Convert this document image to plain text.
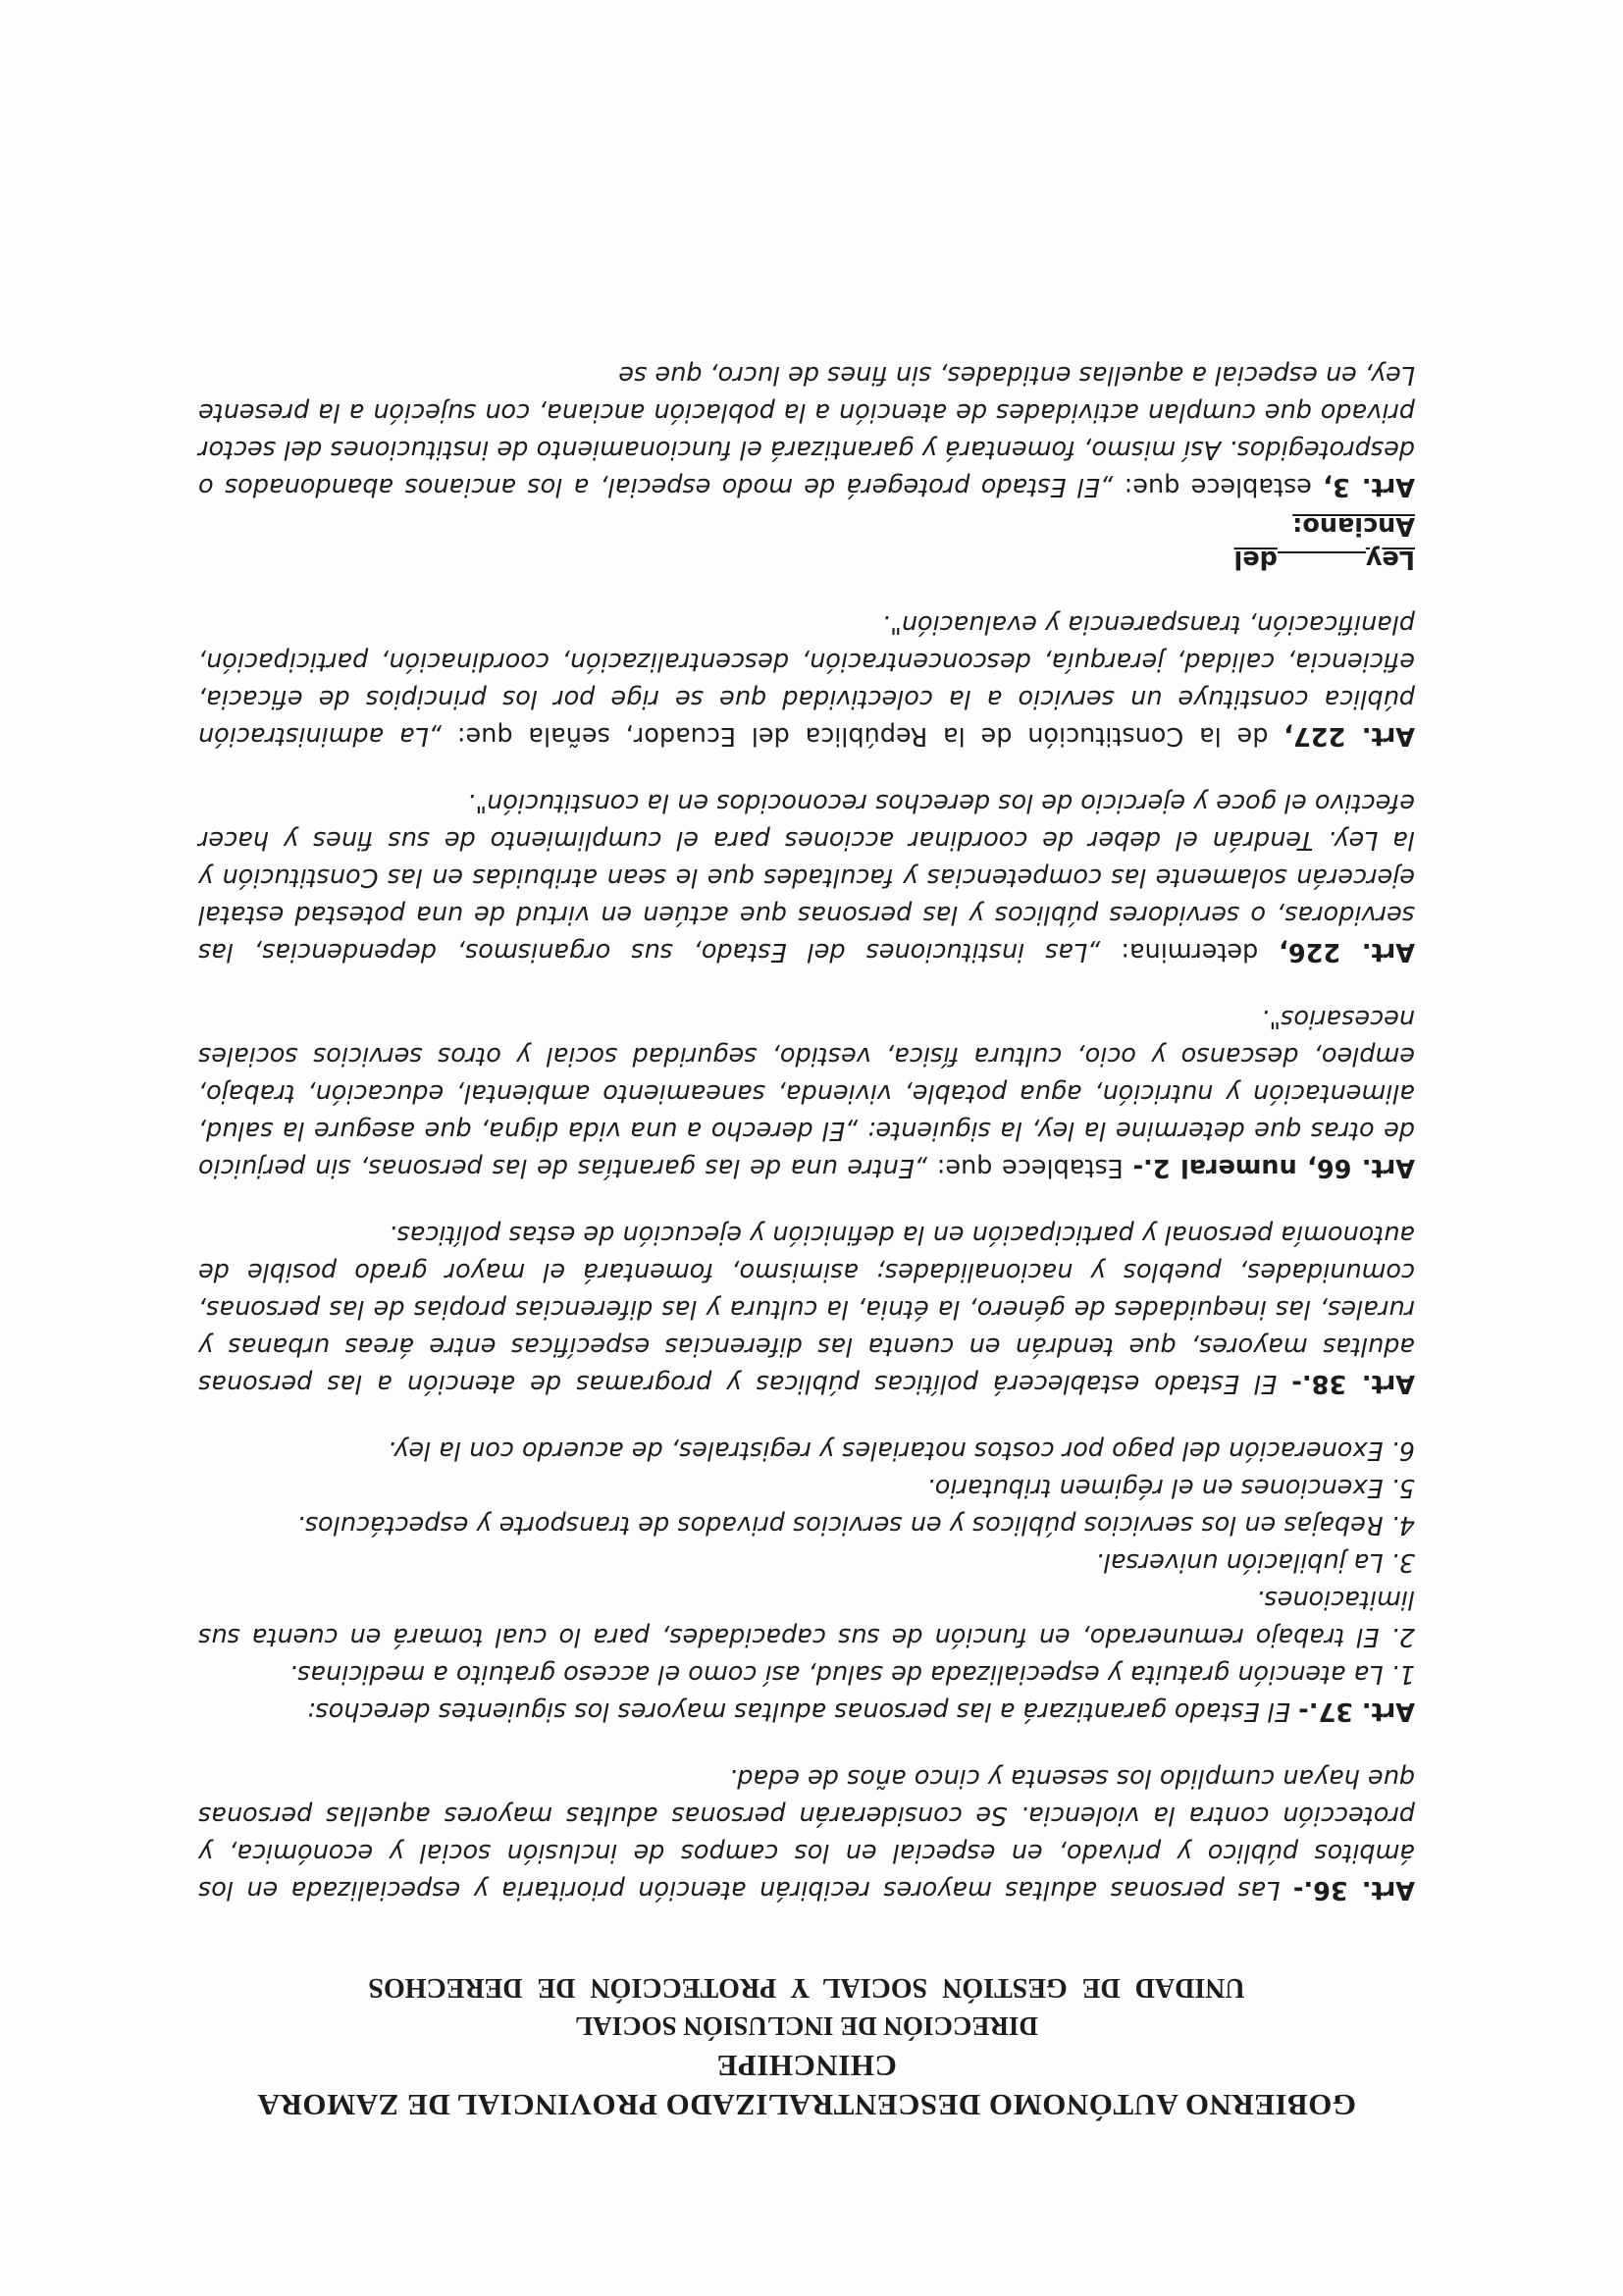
GOBIERNO AUTÓNOMO DESCENTRALIZADO PROVINCIAL DE ZAMORA CHINCHIPE
DIRECCIÓN DE INCLUSIÓN SOCIAL
UNIDAD DE GESTIÓN SOCIAL Y PROTECCIÓN DE DERECHOS

Art. 36.- Las personas adultas mayores recibirán atención prioritaria y especializada en los ámbitos público y privado, en especial en los campos de inclusión social y económica, y protección contra la violencia. Se considerarán personas adultas mayores aquellas personas que hayan cumplido los sesenta y cinco años de edad.

Art. 37.- El Estado garantizará a las personas adultas mayores los siguientes derechos:
1. La atención gratuita y especializada de salud, así como el acceso gratuito a medicinas.
2. El trabajo remunerado, en función de sus capacidades, para lo cual tomará en cuenta sus limitaciones.
3. La jubilación universal.
4. Rebajas en los servicios públicos y en servicios privados de transporte y espectáculos.
5. Exenciones en el régimen tributario.
6. Exoneración del pago por costos notariales y registrales, de acuerdo con la ley.

Art. 38.- El Estado establecerá políticas públicas y programas de atención a las personas adultas mayores, que tendrán en cuenta las diferencias específicas entre áreas urbanas y rurales, las inequidades de género, la étnia, la cultura y las diferencias propias de las personas, comunidades, pueblos y nacionalidades; asimismo, fomentará el mayor grado posible de autonomía personal y participación en la definición y ejecución de estas políticas.

Art. 66, numeral 2.- Establece que: „Entre una de las garantías de las personas, sin perjuicio de otras que determine la ley, la siguiente: „El derecho a una vida digna, que asegure la salud, alimentación y nutrición, agua potable, vivienda, saneamiento ambiental, educación, trabajo, empleo, descanso y ocio, cultura física, vestido, seguridad social y otros servicios sociales necesarios".

Art. 226, determina: „Las instituciones del Estado, sus organismos, dependencias, las servidoras, o servidores públicos y las personas que actúen en virtud de una potestad estatal ejercerán solamente las competencias y facultades que le sean atribuidas en las Constitución y la Ley. Tendrán el deber de coordinar acciones para el cumplimiento de sus fines y hacer efectivo el goce y ejercicio de los derechos reconocidos en la constitución".

Art. 227, de la Constitución de la República del Ecuador, señala que: „La administración pública constituye un servicio a la colectividad que se rige por los principios de eficacia, eficiencia, calidad, jerarquía, desconcentración, descentralización, coordinación, participación, planificación, transparencia y evaluación".

Leydel
Anciano:

Art. 3, establece que: „El Estado protegerá de modo especial, a los ancianos abandonados o desprotegidos. Así mismo, fomentará y garantizará el funcionamiento de instituciones del sector privado que cumplan actividades de atención a la población anciana, con sujeción a la presente Ley, en especial a aquellas entidades, sin fines de lucro, que se
